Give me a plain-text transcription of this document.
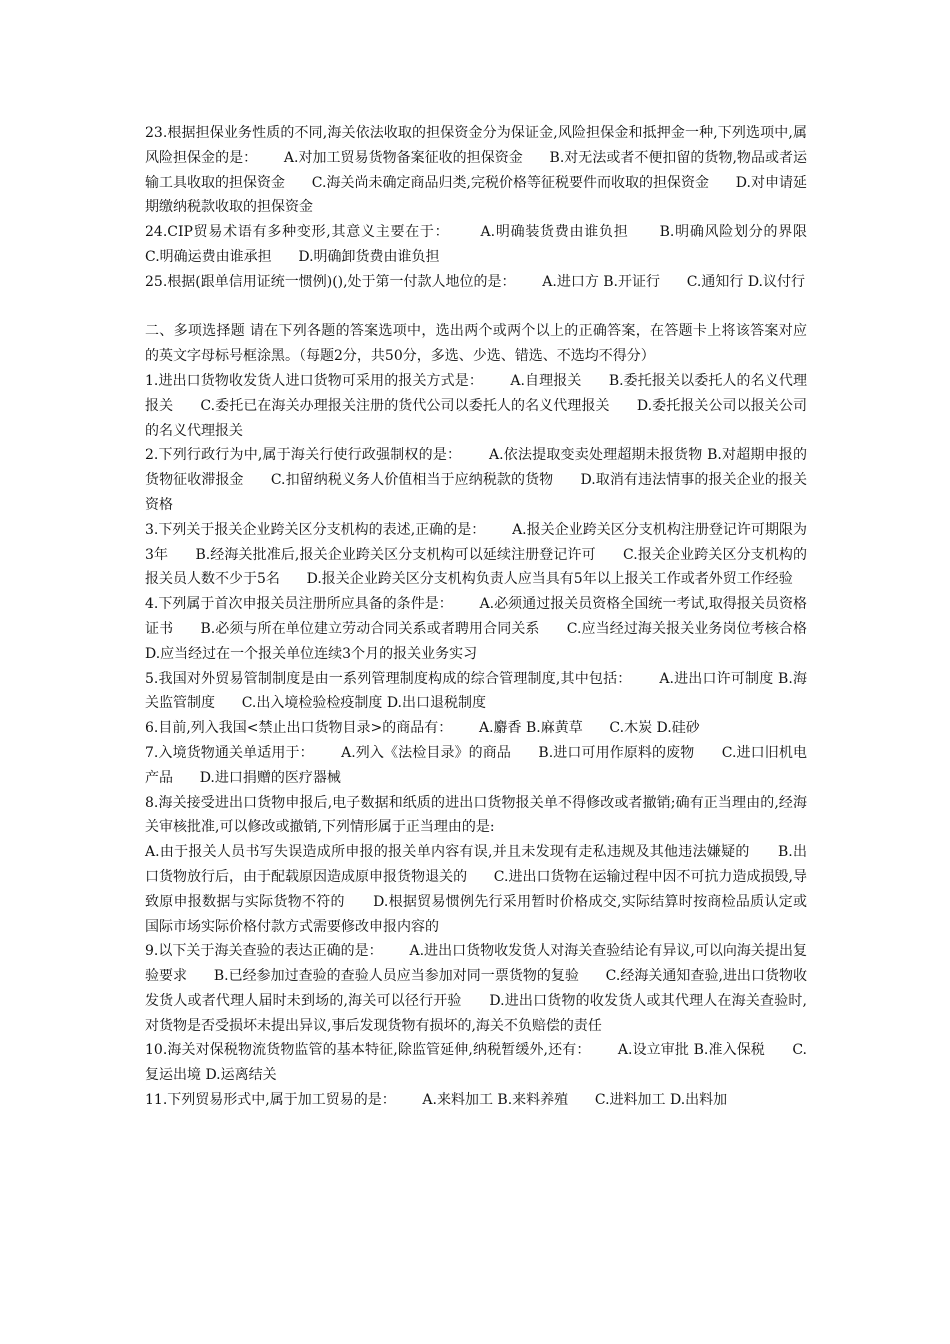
23.根据担保业务性质的不同,海关依法收取的担保资金分为保证金,风险担保金和抵押金一种,下列选项中,属风险担保金的是：      A.对加工贸易货物备案征收的担保资金      B.对无法或者不便扣留的货物,物品或者运输工具收取的担保资金      C.海关尚未确定商品归类,完税价格等征税要件而收取的担保资金      D.对申请延期缴纳税款收取的担保资金

24.CIP贸易术语有多种变形,其意义主要在于：      A.明确装货费由谁负担      B.明确风险划分的界限      C.明确运费由谁承担      D.明确卸货费由谁负担

25.根据(跟单信用证统一惯例)(),处于第一付款人地位的是：      A.进口方 B.开证行      C.通知行 D.议付行

二、多项选择题 请在下列各题的答案选项中，选出两个或两个以上的正确答案，在答题卡上将该答案对应的英文字母标号框涂黑。（每题2分，共50分，多选、少选、错选、不选均不得分）

1.进出口货物收发货人进口货物可采用的报关方式是：      A.自理报关      B.委托报关以委托人的名义代理报关      C.委托已在海关办理报关注册的货代公司以委托人的名义代理报关      D.委托报关公司以报关公司的名义代理报关

2.下列行政行为中,属于海关行使行政强制权的是：      A.依法提取变卖处理超期未报货物 B.对超期申报的货物征收滞报金      C.扣留纳税义务人价值相当于应纳税款的货物      D.取消有违法情事的报关企业的报关资格

3.下列关于报关企业跨关区分支机构的表述,正确的是：      A.报关企业跨关区分支机构注册登记许可期限为3年      B.经海关批准后,报关企业跨关区分支机构可以延续注册登记许可      C.报关企业跨关区分支机构的报关员人数不少于5名      D.报关企业跨关区分支机构负责人应当具有5年以上报关工作或者外贸工作经验

4.下列属于首次申报关员注册所应具备的条件是：      A.必须通过报关员资格全国统一考试,取得报关员资格证书      B.必须与所在单位建立劳动合同关系或者聘用合同关系      C.应当经过海关报关业务岗位考核合格      D.应当经过在一个报关单位连续3个月的报关业务实习

5.我国对外贸易管制制度是由一系列管理制度构成的综合管理制度,其中包括：      A.进出口许可制度 B.海关监管制度      C.出入境检验检疫制度 D.出口退税制度

6.目前,列入我国<禁止出口货物目录>的商品有：      A.麝香 B.麻黄草      C.木炭 D.硅砂

7.入境货物通关单适用于：      A.列入《法检目录》的商品      B.进口可用作原料的废物      C.进口旧机电产品      D.进口捐赠的医疗器械

8.海关接受进出口货物申报后,电子数据和纸质的进出口货物报关单不得修改或者撤销;确有正当理由的,经海关审核批准,可以修改或撤销,下列情形属于正当理由的是:

A.由于报关人员书写失误造成所申报的报关单内容有误,并且未发现有走私违规及其他违法嫌疑的      B.出口货物放行后，由于配载原因造成原申报货物退关的      C.进出口货物在运输过程中因不可抗力造成损毁,导致原申报数据与实际货物不符的      D.根据贸易惯例先行采用暂时价格成交,实际结算时按商检品质认定或国际市场实际价格付款方式需要修改申报内容的

9.以下关于海关查验的表达正确的是：      A.进出口货物收发货人对海关查验结论有异议,可以向海关提出复验要求      B.已经参加过查验的查验人员应当参加对同一票货物的复验      C.经海关通知查验,进出口货物收发货人或者代理人届时未到场的,海关可以径行开验      D.进出口货物的收发货人或其代理人在海关查验时,对货物是否受损坏未提出异议,事后发现货物有损坏的,海关不负赔偿的责任

10.海关对保税物流货物监管的基本特征,除监管延伸,纳税暂缓外,还有：      A.设立审批 B.准入保税      C.复运出境 D.运离结关

11.下列贸易形式中,属于加工贸易的是：      A.来料加工 B.来料养殖      C.进料加工 D.出料加
